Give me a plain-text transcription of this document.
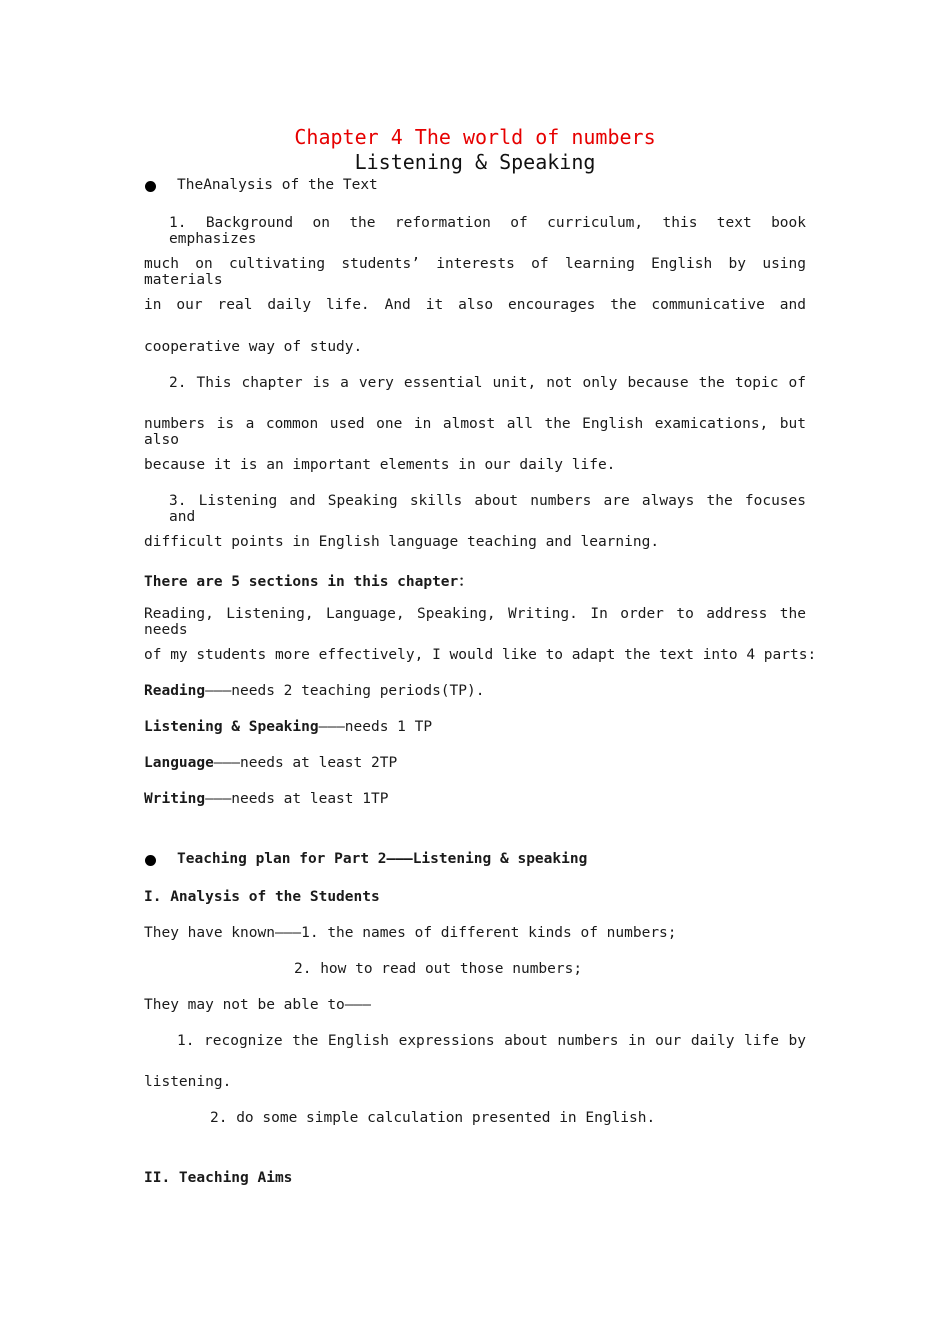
Chapter 4 The world of numbers
Listening & Speaking
TheAnalysis of the Text
1. Background on the reformation of curriculum, this text book emphasizes
much on cultivating students’ interests of learning English by using materials
in our real daily life. And it also encourages the communicative and
cooperative way of study.
2. This chapter is a very essential unit, not only because the topic of
numbers is a common used one in almost all the English examications, but also
because it is an important elements in our daily life.
3. Listening and Speaking skills about numbers are always the focuses and
difficult points in English language teaching and learning.
There are 5 sections in this chapter：
Reading, Listening, Language, Speaking, Writing. In order to address the needs
of my students more effectively, I would like to adapt the text into 4 parts:
Reading———needs 2 teaching periods(TP).
Listening & Speaking———needs 1 TP
Language———needs at least 2TP
Writing———needs at least 1TP
Teaching plan for Part 2———Listening & speaking
I. Analysis of the Students
They have known———1. the names of different kinds of numbers;
2. how to read out those numbers;
They may not be able to———
1. recognize the English expressions about numbers in our daily life by
listening.
2. do some simple calculation presented in English.
II. Teaching Aims
